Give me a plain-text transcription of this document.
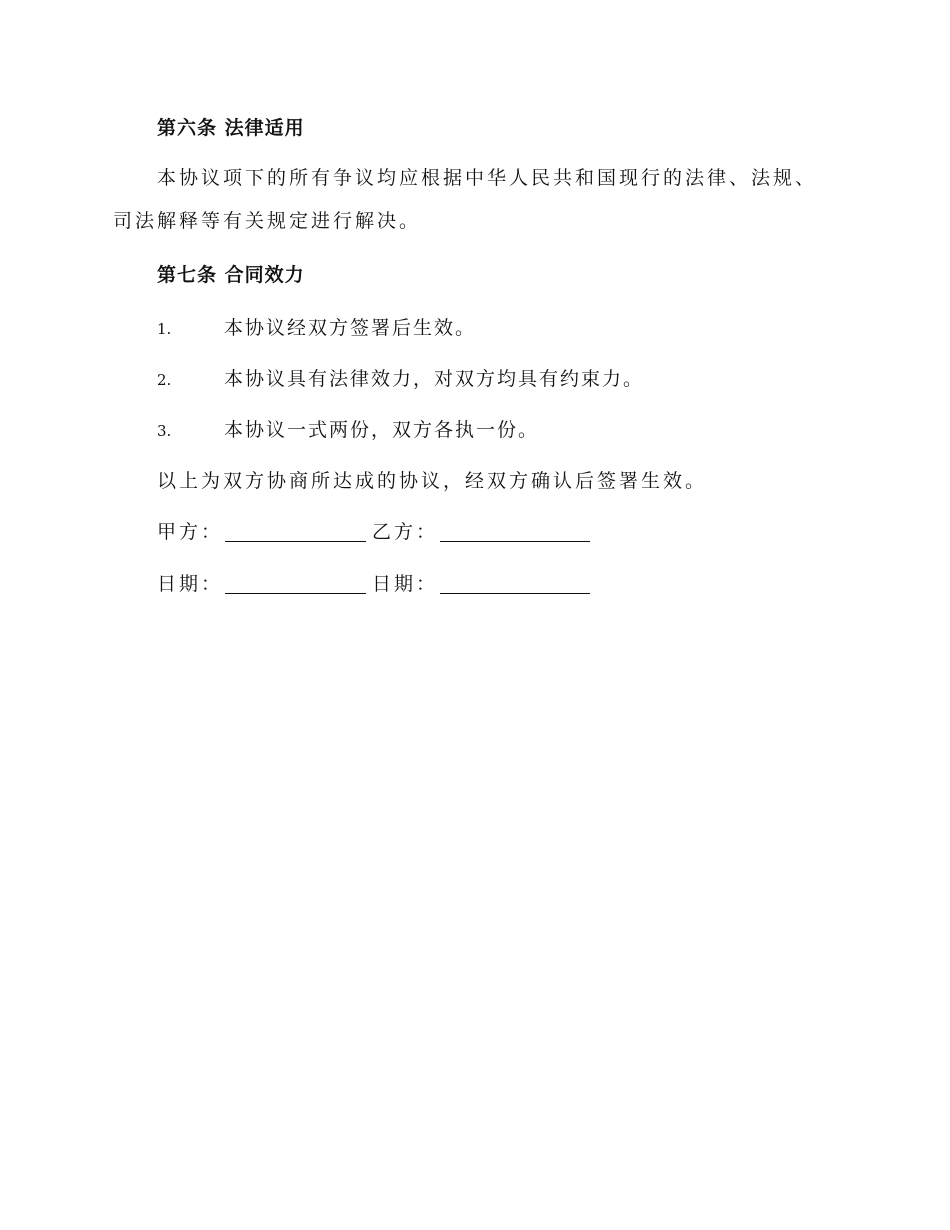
第六条 法律适用
本协议项下的所有争议均应根据中华人民共和国现行的法律、法规、司法解释等有关规定进行解决。
第七条 合同效力
1.	本协议经双方签署后生效。
2.	本协议具有法律效力，对双方均具有约束力。
3.	本协议一式两份，双方各执一份。
以上为双方协商所达成的协议，经双方确认后签署生效。
甲方：	乙方：
日期：	日期：
